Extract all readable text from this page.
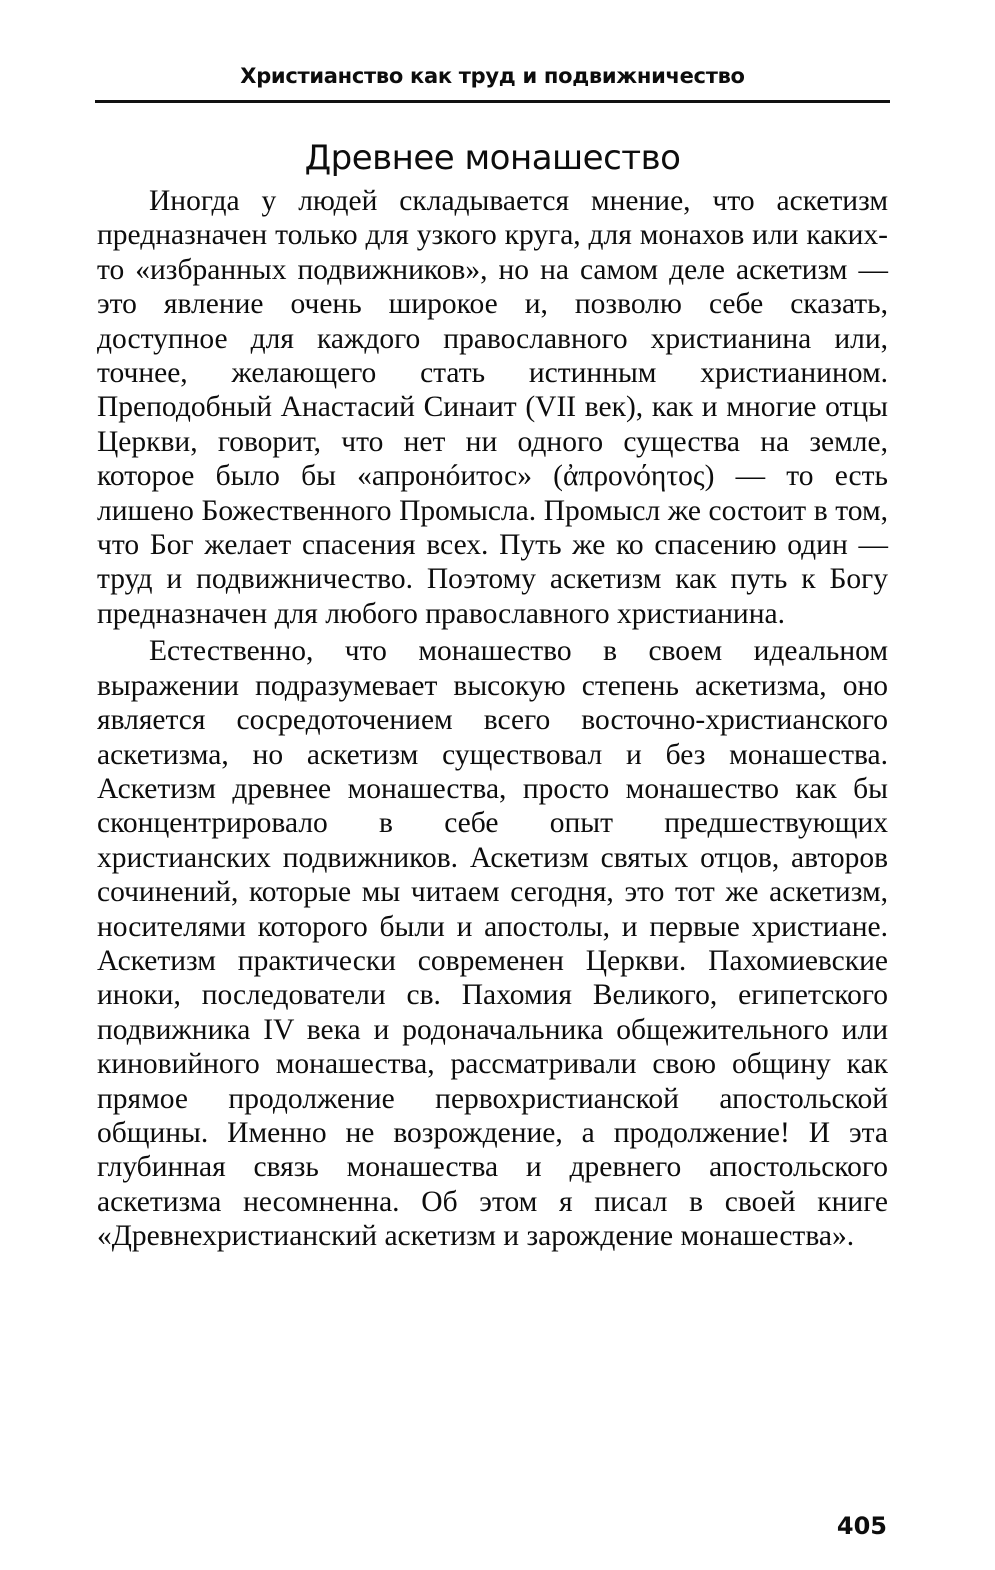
Христианство как труд и подвижничество
Древнее монашество

Иногда у людей складывается мнение, что аскетизм предназначен только для узкого круга, для монахов или каких-то «избранных подвижников», но на самом деле аскетизм — это явление очень широкое и, позволю себе сказать, доступное для каждого православного христианина или, точнее, желающего стать истинным христианином. Преподобный Анастасий Синаит (VII век), как и многие отцы Церкви, говорит, что нет ни одного существа на земле, которое было бы «апронóитос» (ἀπρονόητος) — то есть лишено Божественного Промысла. Промысл же состоит в том, что Бог желает спасения всех. Путь же ко спасению один — труд и подвижничество. Поэтому аскетизм как путь к Богу предназначен для любого православного христианина.

Естественно, что монашество в своем идеальном выражении подразумевает высокую степень аскетизма, оно является сосредоточением всего восточно-христианского аскетизма, но аскетизм существовал и без монашества. Аскетизм древнее монашества, просто монашество как бы сконцентрировало в себе опыт предшествующих христианских подвижников. Аскетизм святых отцов, авторов сочинений, которые мы читаем сегодня, это тот же аскетизм, носителями которого были и апостолы, и первые христиане. Аскетизм практически современен Церкви. Пахомиевские иноки, последователи св. Пахомия Великого, египетского подвижника IV века и родоначальника общежительного или киновийного монашества, рассматривали свою общину как прямое продолжение первохристианской апостольской общины. Именно не возрождение, а продолжение! И эта глубинная связь монашества и древнего апостольского аскетизма несомненна. Об этом я писал в своей книге «Древнехристианский аскетизм и зарождение монашества».

405
